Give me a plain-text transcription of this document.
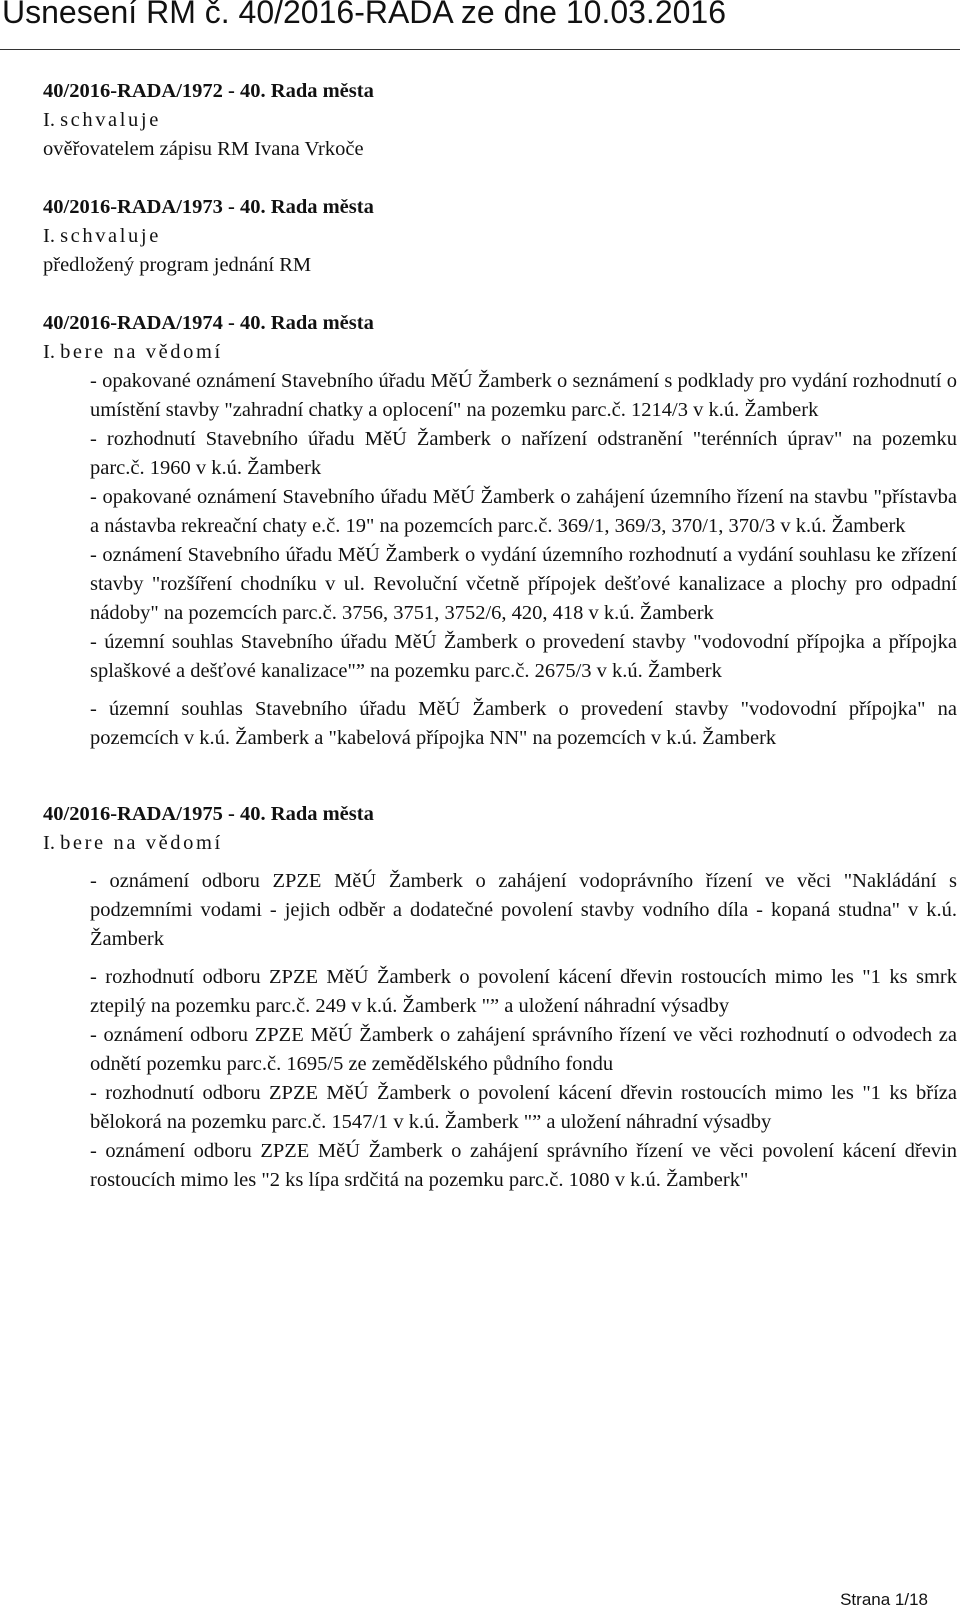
Usnesení RM č. 40/2016-RADA ze dne 10.03.2016
40/2016-RADA/1972 - 40. Rada města
I. schvaluje
ověřovatelem zápisu RM Ivana Vrkoče
40/2016-RADA/1973 - 40. Rada města
I. schvaluje
předložený program jednání RM
40/2016-RADA/1974 - 40. Rada města
I. bere na vědomí
- opakované oznámení Stavebního úřadu MěÚ Žamberk o seznámení s podklady pro vydání rozhodnutí o umístění stavby "zahradní chatky a oplocení" na pozemku parc.č. 1214/3 v k.ú. Žamberk
- rozhodnutí Stavebního úřadu MěÚ Žamberk o nařízení odstranění "terénních úprav" na pozemku parc.č. 1960 v k.ú. Žamberk
- opakované oznámení Stavebního úřadu MěÚ Žamberk o zahájení územního řízení na stavbu "přístavba a nástavba rekreační chaty e.č. 19" na pozemcích parc.č. 369/1, 369/3, 370/1, 370/3 v k.ú. Žamberk
- oznámení Stavebního úřadu MěÚ Žamberk o vydání územního rozhodnutí a vydání souhlasu ke zřízení stavby "rozšíření chodníku v ul. Revoluční včetně přípojek dešťové kanalizace a plochy pro odpadní nádoby" na pozemcích parc.č. 3756, 3751, 3752/6, 420, 418 v k.ú. Žamberk
- územní souhlas Stavebního úřadu MěÚ Žamberk o provedení stavby "vodovodní přípojka a přípojka splaškové a dešťové kanalizace"” na pozemku parc.č. 2675/3 v k.ú. Žamberk
- územní souhlas Stavebního úřadu MěÚ Žamberk o provedení stavby "vodovodní přípojka" na pozemcích v k.ú. Žamberk a "kabelová přípojka NN" na pozemcích v k.ú. Žamberk
40/2016-RADA/1975 - 40. Rada města
I. bere na vědomí
- oznámení odboru ZPZE MěÚ Žamberk o zahájení vodoprávního řízení ve věci "Nakládání s podzemními vodami - jejich odběr a dodatečné povolení stavby vodního díla - kopaná studna" v k.ú. Žamberk
- rozhodnutí odboru ZPZE MěÚ Žamberk o povolení kácení dřevin rostoucích mimo les "1 ks smrk ztepilý na pozemku parc.č. 249 v k.ú. Žamberk "” a uložení náhradní výsadby
- oznámení odboru ZPZE MěÚ Žamberk o zahájení správního řízení ve věci rozhodnutí o odvodech za odnětí pozemku parc.č. 1695/5 ze zemědělského půdního fondu
- rozhodnutí odboru ZPZE MěÚ Žamberk o povolení kácení dřevin rostoucích mimo les "1 ks bříza bělokorá na pozemku parc.č. 1547/1 v k.ú. Žamberk "” a uložení náhradní výsadby
- oznámení odboru ZPZE MěÚ Žamberk o zahájení správního řízení ve věci povolení kácení dřevin rostoucích mimo les "2 ks lípa srdčitá na pozemku parc.č. 1080 v k.ú. Žamberk"
Strana 1/18
